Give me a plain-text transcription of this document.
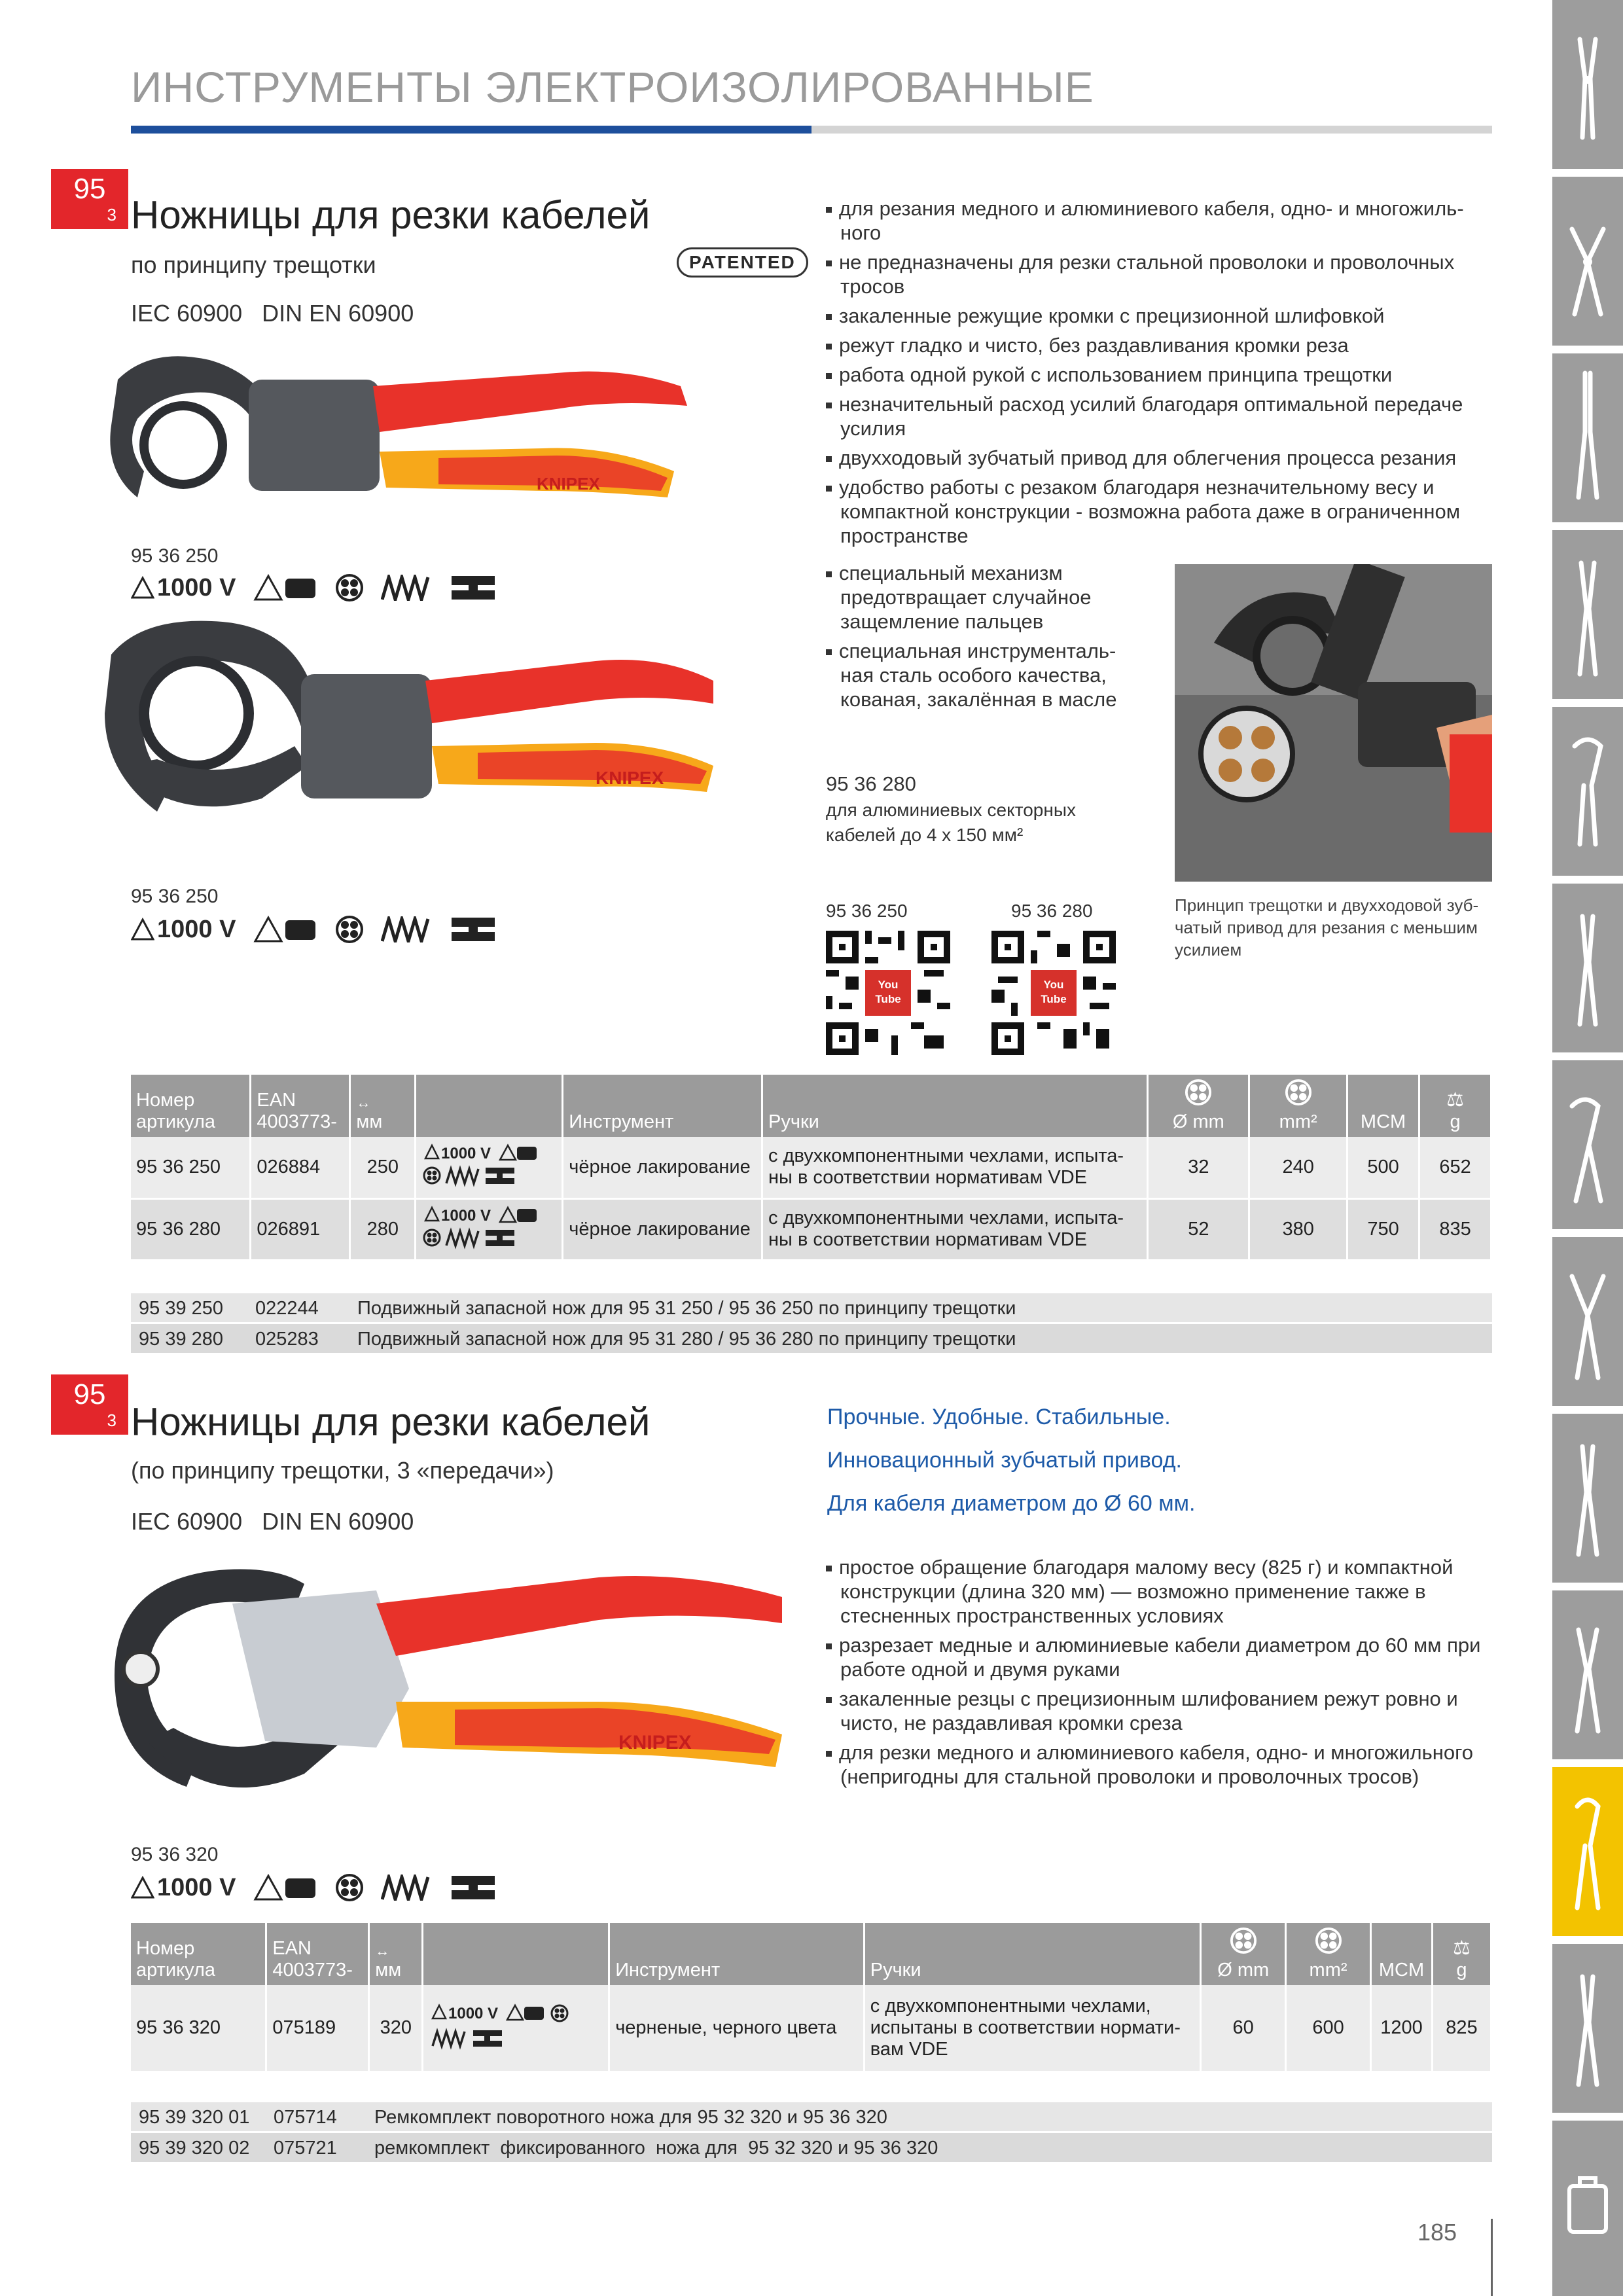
ИНСТРУМЕНТЫ ЭЛЕКТРОИЗОЛИРОВАННЫЕ
95
3 Ножницы для резки кабелей
по принципу трещотки	PATENTED
IEC 60900   DIN EN 60900
KNIPEX
95 36 250
1000 V
KNIPEX
95 36 250
1000 V
для резания медного и алюминиевого кабеля, одно- и многожиль-ного
не предназначены для резки стальной проволоки и проволочных тросов
закаленные режущие кромки с прецизионной шлифовкой
режут гладко и чисто, без раздавливания кромки реза
работа одной рукой с использованием принципа трещотки
незначительный расход усилий благодаря оптимальной передаче усилия
двухходовый зубчатый привод для облегчения процесса резания
удобство работы с резаком благодаря незначительному весу и компактной конструкции - возможна работа даже в ограниченном пространстве
специальный механизм предотвращает случайное защемление пальцев
специальная инструменталь-ная сталь особого качества, кованая, закалённая в масле
95 36 280
для алюминиевых секторных
кабелей до 4 х 150 мм²
Принцип трещотки и двухходовой зуб-чатый привод для резания с меньшим усилием
95 36 250	95 36 280
You Tube
You Tube
Номер артикула	EAN 4003773-	↔
мм		Инструмент	Ручки	Ø mm	mm²	MCM	⚖
g
95 36 250	026884	250	1000 V	чёрное лакирование	с двухкомпонентными чехлами, испыта-ны в соответствии нормативам VDE	32	240	500	652
95 36 280	026891	280	1000 V	чёрное лакирование	с двухкомпонентными чехлами, испыта-ны в соответствии нормативам VDE	52	380	750	835
95 39 250 022244 Подвижный запасной нож для 95 31 250 / 95 36 250 по принципу трещотки
95 39 280 025283 Подвижный запасной нож для 95 31 280 / 95 36 280 по принципу трещотки
95
3 Ножницы для резки кабелей
(по принципу трещотки, 3 «передачи»)
IEC 60900   DIN EN 60900
Прочные. Удобные. Стабильные.
Инновационный зубчатый привод.
Для кабеля диаметром до Ø 60 мм.
простое обращение благодаря малому весу (825 г) и компактной конструкции (длина 320 мм) — возможно применение также в стесненных пространственных условиях
разрезает медные и алюминиевые кабели диаметром до 60 мм при работе одной и двумя руками
закаленные резцы с прецизионным шлифованием режут ровно и чисто, не раздавливая кромки среза
для резки медного и алюминиевого кабеля, одно- и многожильного (непригодны для стальной проволоки и проволочных тросов)
KNIPEX
95 36 320
1000 V
Номер артикула	EAN 4003773-	↔
мм		Инструмент	Ручки	Ø mm	mm²	MCM	⚖
g
95 36 320	075189	320	1000 V	черненые, черного цвета	с двухкомпонентными чехлами, испытаны в соответствии нормати-вам VDE	60	600	1200	825
95 39 320 01 075714 Ремкомплект поворотного ножа для 95 32 320 и 95 36 320
95 39 320 02 075721 ремкомплект  фиксированного  ножа для  95 32 320 и 95 36 320
185
